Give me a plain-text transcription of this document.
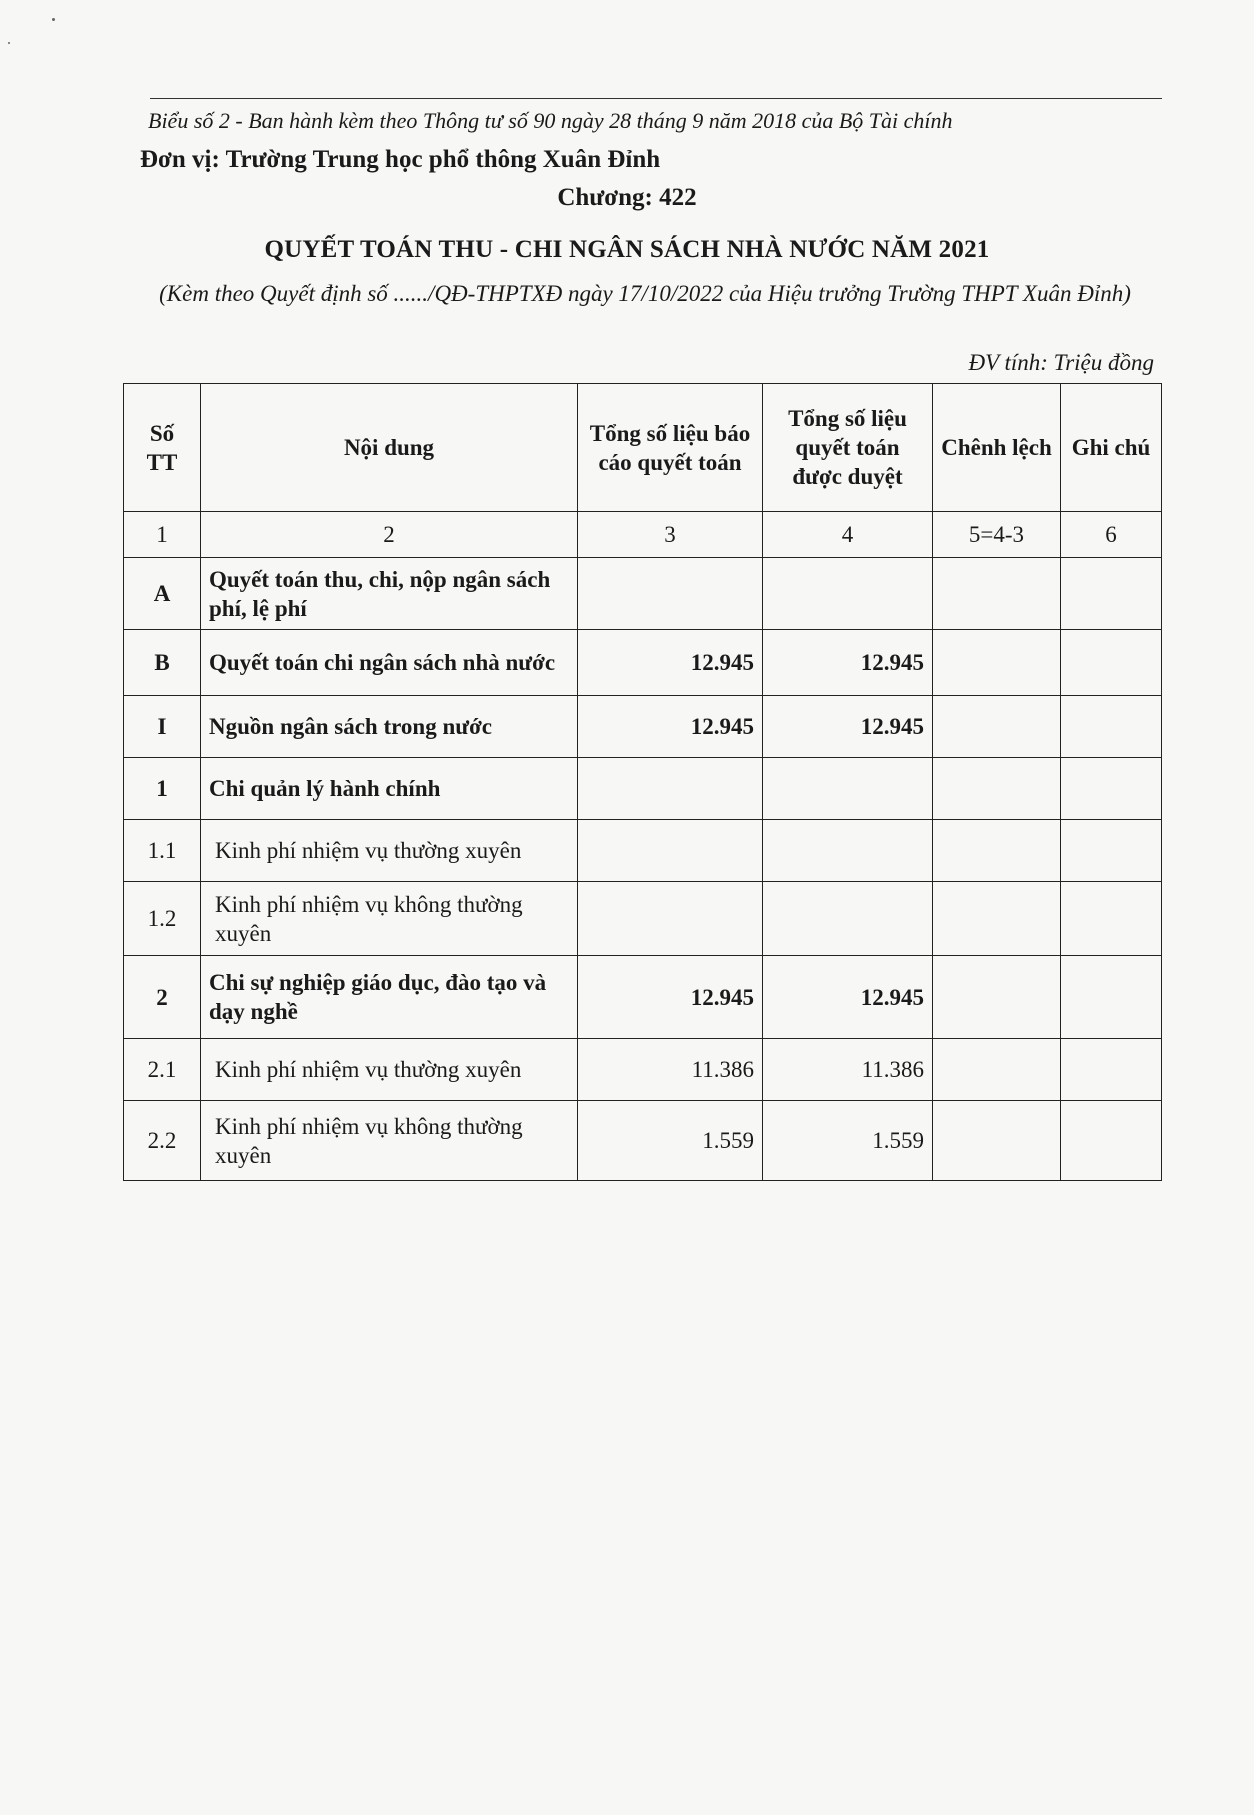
Biểu số 2 - Ban hành kèm theo Thông tư số 90 ngày 28 tháng 9 năm 2018 của Bộ Tài chính
Đơn vị: Trường Trung học phổ thông Xuân Đỉnh
Chương: 422
QUYẾT TOÁN THU - CHI NGÂN SÁCH NHÀ NƯỚC NĂM 2021
(Kèm theo Quyết định số ....../QĐ-THPTXĐ ngày 17/10/2022 của Hiệu trưởng Trường THPT Xuân Đỉnh)
ĐV tính: Triệu đồng
Số TT	Nội dung	Tổng số liệu báo cáo quyết toán	Tổng số liệu quyết toán được duyệt	Chênh lệch	Ghi chú
1	2	3	4	5=4-3	6
A	Quyết toán thu, chi, nộp ngân sách phí, lệ phí				
B	Quyết toán chi ngân sách nhà nước	12.945	12.945		
I	Nguồn ngân sách trong nước	12.945	12.945		
1	Chi quản lý hành chính				
1.1	Kinh phí nhiệm vụ thường xuyên				
1.2	Kinh phí nhiệm vụ không thường xuyên				
2	Chi sự nghiệp giáo dục, đào tạo và dạy nghề	12.945	12.945		
2.1	Kinh phí nhiệm vụ thường xuyên	11.386	11.386		
2.2	Kinh phí nhiệm vụ không thường xuyên	1.559	1.559		
